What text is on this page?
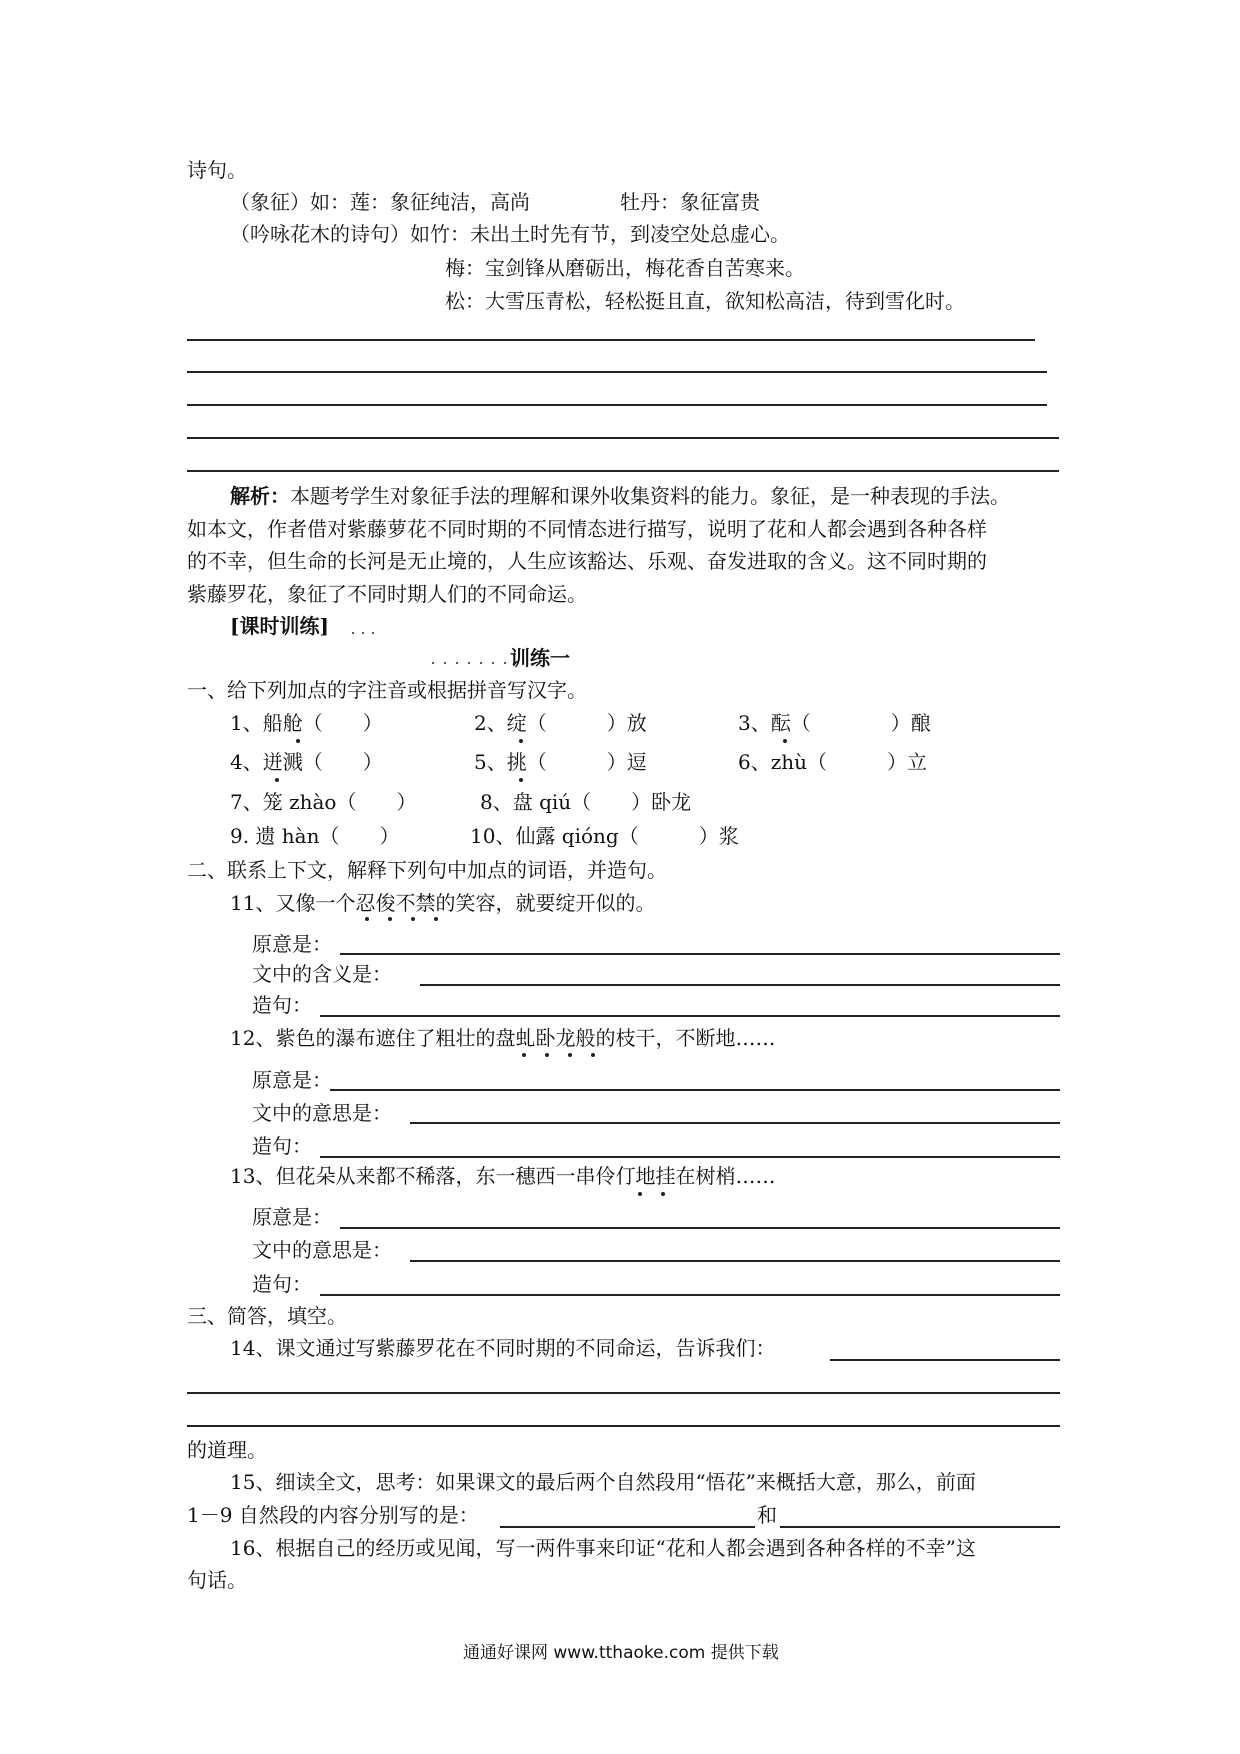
诗句。
（象征）如：莲：象征纯洁，高尚	牡丹：象征富贵
（吟咏花木的诗句）如竹：未出土时先有节，到凌空处总虚心。
梅：宝剑锋从磨砺出，梅花香自苦寒来。
松：大雪压青松，轻松挺且直，欲知松高洁，待到雪化时。
解析：本题考学生对象征手法的理解和课外收集资料的能力。象征，是一种表现的手法。
如本文，作者借对紫藤萝花不同时期的不同情态进行描写，说明了花和人都会遇到各种各样
的不幸，但生命的长河是无止境的，人生应该豁达、乐观、奋发进取的含义。这不同时期的
紫藤罗花，象征了不同时期人们的不同命运。
[课时训练]
训练一
一、给下列加点的字注音或根据拼音写汉字。
1、船舱（　　）	2、绽（　　　）放	3、酝（　　　　）酿
4、迸溅（　　）	5、挑（　　　）逗	6、zhù（　　　）立
7、笼 zhào（　　）	8、盘 qiú（　　）卧龙
9. 遗 hàn（　　）	10、仙露 qióng（　　　）浆
二、联系上下文，解释下列句中加点的词语，并造句。
11、又像一个忍俊不禁的笑容，就要绽开似的。
原意是：
文中的含义是：
造句：
12、紫色的瀑布遮住了粗壮的盘虬卧龙般的枝干，不断地……
原意是：
文中的意思是：
造句：
13、但花朵从来都不稀落，东一穗西一串伶仃地挂在树梢……
原意是：
文中的意思是：
造句：
三、简答，填空。
14、课文通过写紫藤罗花在不同时期的不同命运，告诉我们：
的道理。
15、细读全文，思考：如果课文的最后两个自然段用“悟花”来概括大意，那么，前面
1－9 自然段的内容分别写的是：	和
16、根据自己的经历或见闻，写一两件事来印证“花和人都会遇到各种各样的不幸”这
句话。
通通好课网 www.tthaoke.com 提供下载
